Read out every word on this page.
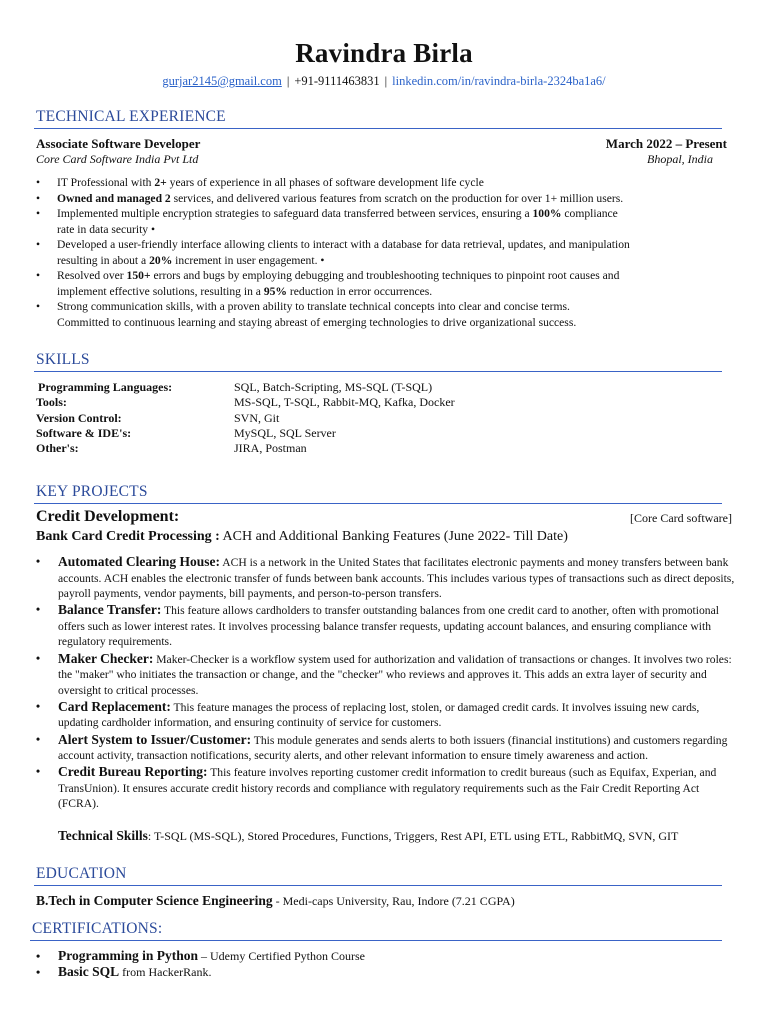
Ravindra Birla
gurjar2145@gmail.com | +91-9111463831 | linkedin.com/in/ravindra-birla-2324ba1a6/
TECHNICAL EXPERIENCE
Associate Software Developer	March 2022 – Present
Core Card Software India Pvt Ltd	Bhopal, India
• IT Professional with 2+ years of experience in all phases of software development life cycle
• Owned and managed 2 services, and delivered various features from scratch on the production for over 1+ million users.
• Implemented multiple encryption strategies to safeguard data transferred between services, ensuring a 100% compliance
rate in data security •
• Developed a user-friendly interface allowing clients to interact with a database for data retrieval, updates, and manipulation
resulting in about a 20% increment in user engagement. •
• Resolved over 150+ errors and bugs by employing debugging and troubleshooting techniques to pinpoint root causes and
implement effective solutions, resulting in a 95% reduction in error occurrences.
• Strong communication skills, with a proven ability to translate technical concepts into clear and concise terms.
Committed to continuous learning and staying abreast of emerging technologies to drive organizational success.
SKILLS
Programming Languages:	SQL, Batch-Scripting, MS-SQL (T-SQL)
Tools:	MS-SQL, T-SQL, Rabbit-MQ, Kafka, Docker
Version Control:	SVN, Git
Software & IDE's:	MySQL, SQL Server
Other's:	JIRA, Postman
KEY PROJECTS
Credit Development:	[Core Card software]
Bank Card Credit Processing : ACH and Additional Banking Features (June 2022- Till Date)
• Automated Clearing House: ACH is a network in the United States that facilitates electronic payments and money transfers between bank accounts. ACH enables the electronic transfer of funds between bank accounts. This includes various types of transactions such as direct deposits, payroll payments, vendor payments, bill payments, and person-to-person transfers.
• Balance Transfer: This feature allows cardholders to transfer outstanding balances from one credit card to another, often with promotional offers such as lower interest rates. It involves processing balance transfer requests, updating account balances, and ensuring compliance with regulatory requirements.
• Maker Checker: Maker-Checker is a workflow system used for authorization and validation of transactions or changes. It involves two roles: the "maker" who initiates the transaction or change, and the "checker" who reviews and approves it. This adds an extra layer of security and oversight to critical processes.
• Card Replacement: This feature manages the process of replacing lost, stolen, or damaged credit cards. It involves issuing new cards, updating cardholder information, and ensuring continuity of service for customers.
• Alert System to Issuer/Customer: This module generates and sends alerts to both issuers (financial institutions) and customers regarding account activity, transaction notifications, security alerts, and other relevant information to ensure timely awareness and action.
• Credit Bureau Reporting: This feature involves reporting customer credit information to credit bureaus (such as Equifax, Experian, and TransUnion). It ensures accurate credit history records and compliance with regulatory requirements such as the Fair Credit Reporting Act (FCRA).
Technical Skills: T-SQL (MS-SQL), Stored Procedures, Functions, Triggers, Rest API, ETL using ETL, RabbitMQ, SVN, GIT
EDUCATION
B.Tech in Computer Science Engineering - Medi-caps University, Rau, Indore (7.21 CGPA)
CERTIFICATIONS:
• Programming in Python – Udemy Certified Python Course
• Basic SQL from HackerRank.
